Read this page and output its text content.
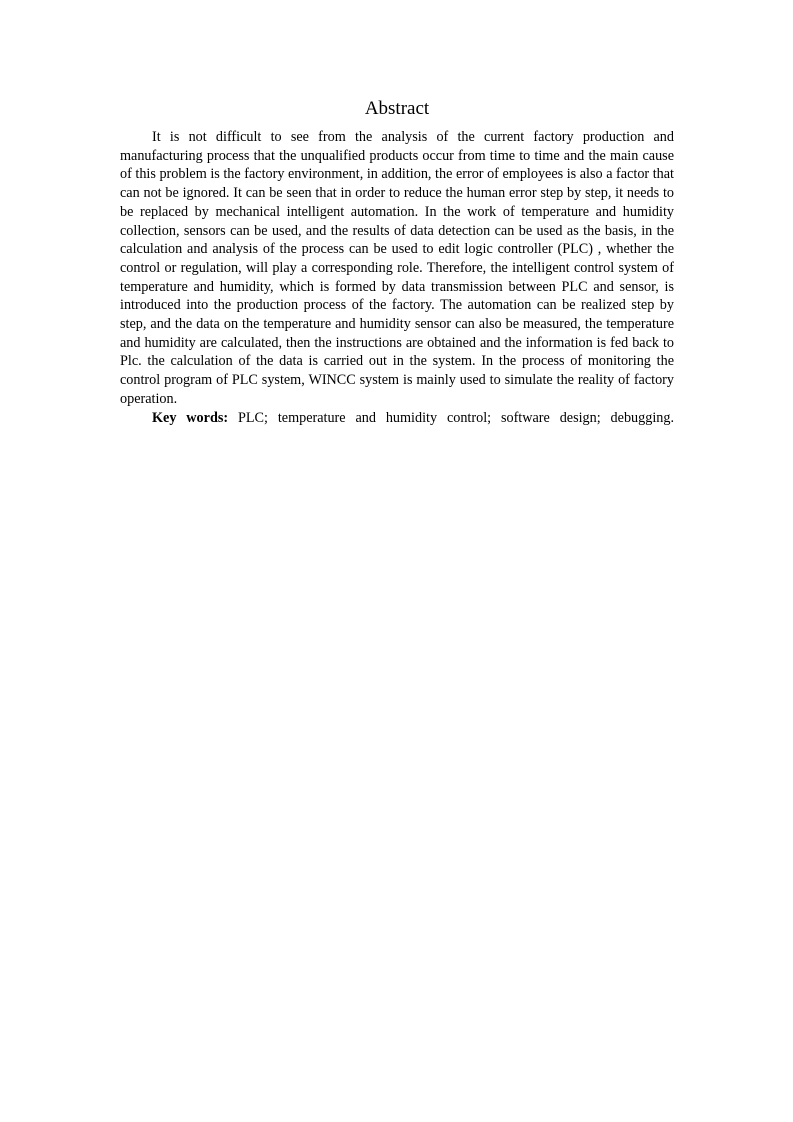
Abstract

It is not difficult to see from the analysis of the current factory production and manufacturing process that the unqualified products occur from time to time and the main cause of this problem is the factory environment, in addition, the error of employees is also a factor that can not be ignored. It can be seen that in order to reduce the human error step by step, it needs to be replaced by mechanical intelligent automation. In the work of temperature and humidity collection, sensors can be used, and the results of data detection can be used as the basis, in the calculation and analysis of the process can be used to edit logic controller (PLC) , whether the control or regulation, will play a corresponding role. Therefore, the intelligent control system of temperature and humidity, which is formed by data transmission between PLC and sensor, is introduced into the production process of the factory. The automation can be realized step by step, and the data on the temperature and humidity sensor can also be measured, the temperature and humidity are calculated, then the instructions are obtained and the information is fed back to Plc. the calculation of the data is carried out in the system. In the process of monitoring the control program of PLC system, WINCC system is mainly used to simulate the reality of factory operation.

Key words: PLC; temperature and humidity control; software design; debugging.
